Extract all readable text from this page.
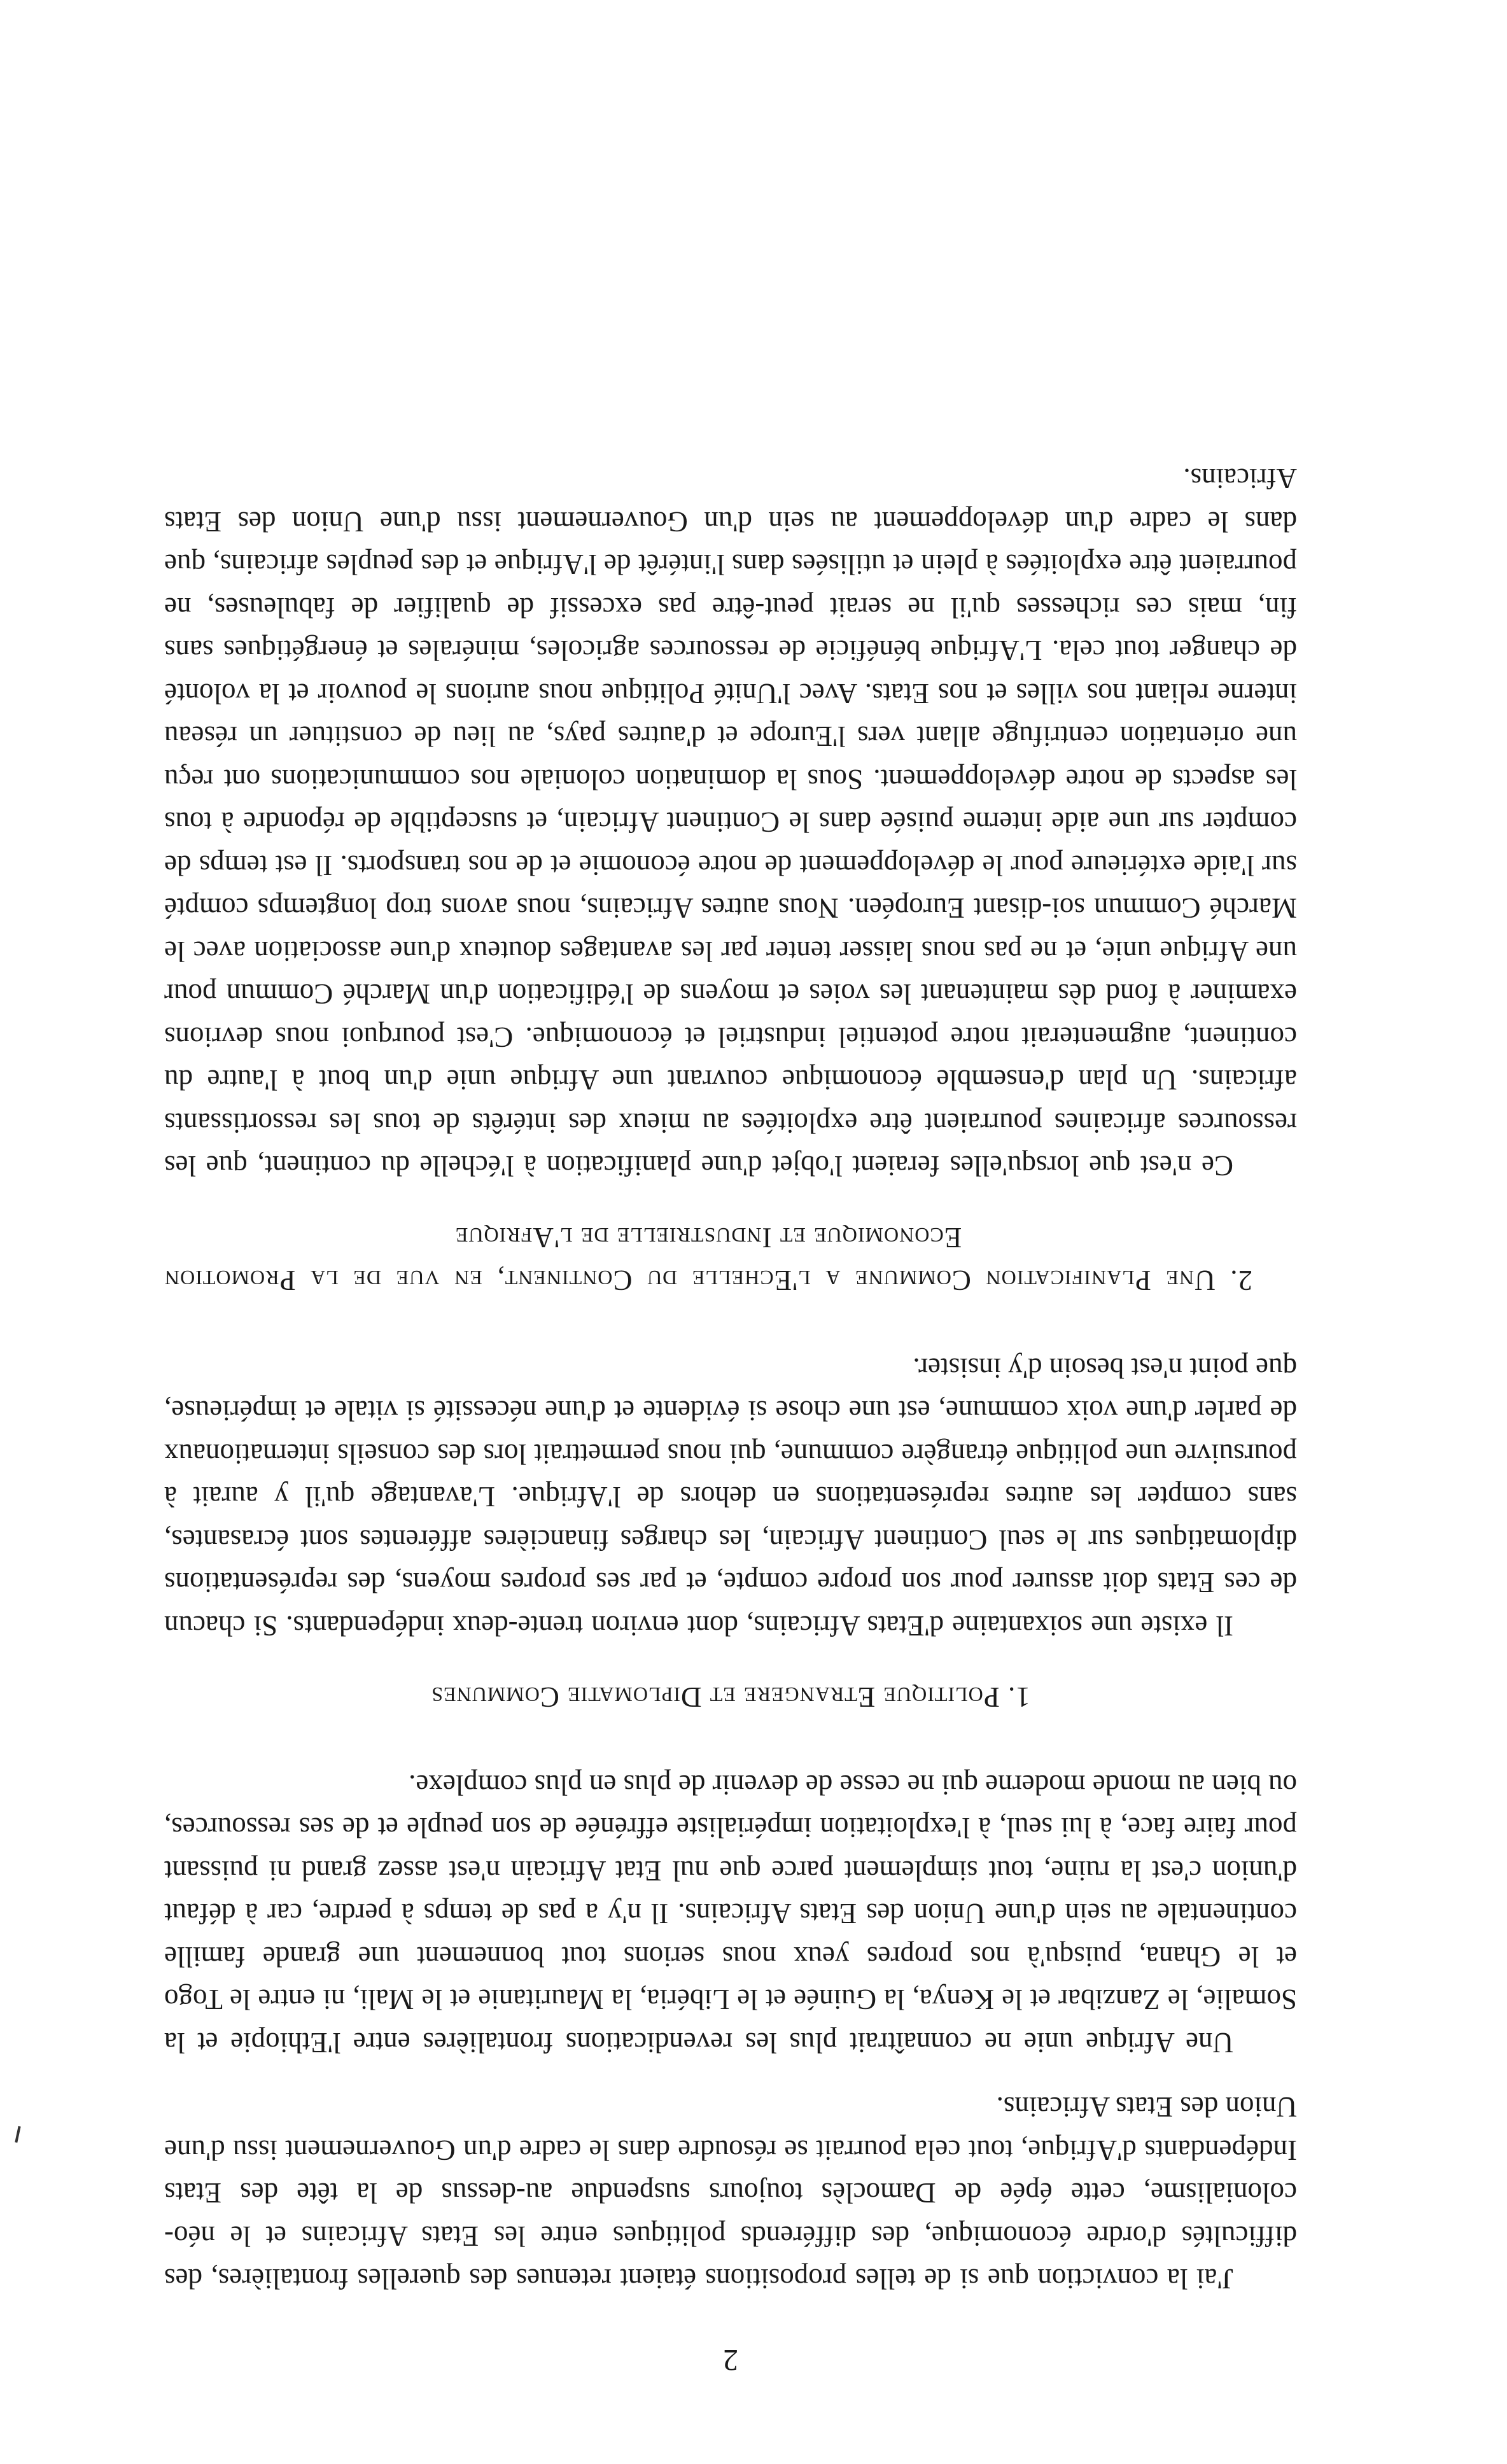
2

J'ai la conviction que si de telles propositions étaient retenues des querelles frontalières, des difficultés d'ordre économique, des différends politiques entre les Etats Africains et le néo-colonialisme, cette épée de Damoclès toujours suspendue au-dessus de la tête des Etats Indépendants d'Afrique, tout cela pourrait se résoudre dans le cadre d'un Gouvernement issu d'une Union des Etats Africains.

Une Afrique unie ne connaîtrait plus les revendications frontalières entre l'Ethiopie et la Somalie, le Zanzibar et le Kenya, la Guinée et le Libéria, la Mauritanie et le Mali, ni entre le Togo et le Ghana, puisqu'à nos propres yeux nous serions tout bonnement une grande famille continentale au sein d'une Union des Etats Africains. Il n'y a pas de temps à perdre, car à défaut d'union c'est la ruine, tout simplement parce que nul Etat Africain n'est assez grand ni puissant pour faire face, à lui seul, à l'exploitation impérialiste effrénée de son peuple et de ses ressources, ou bien au monde moderne qui ne cesse de devenir de plus en plus complexe.

1. Politique Etrangere et Diplomatie Communes

Il existe une soixantaine d'Etats Africains, dont environ trente-deux indépendants. Si chacun de ces Etats doit assurer pour son propre compte, et par ses propres moyens, des représentations diplomatiques sur le seul Continent Africain, les charges financières afférentes sont écrasantes, sans compter les autres représentations en dehors de l'Afrique. L'avantage qu'il y aurait à poursuivre une politique étrangère commune, qui nous permettrait lors des conseils internationaux de parler d'une voix commune, est une chose si évidente et d'une nécessité si vitale et impérieuse, que point n'est besoin d'y insister.

2. Une Planification Commune a l'Echelle du Continent, en vue de la Promotion Economique et Industrielle de l'Afrique

Ce n'est que lorsqu'elles feraient l'objet d'une planification à l'échelle du continent, que les ressources africaines pourraient être exploitées au mieux des intérêts de tous les ressortissants africains. Un plan d'ensemble économique couvrant une Afrique unie d'un bout à l'autre du continent, augmenterait notre potentiel industriel et économique. C'est pourquoi nous devrions examiner à fond dès maintenant les voies et moyens de l'édification d'un Marché Commun pour une Afrique unie, et ne pas nous laisser tenter par les avantages douteux d'une association avec le Marché Commun soi-disant Européen. Nous autres Africains, nous avons trop longtemps compté sur l'aide extérieure pour le développement de notre économie et de nos transports. Il est temps de compter sur une aide interne puisée dans le Continent Africain, et susceptible de répondre à tous les aspects de notre développement. Sous la domination coloniale nos communications ont reçu une orientation centrifuge allant vers l'Europe et d'autres pays, au lieu de constituer un réseau interne reliant nos villes et nos Etats. Avec l'Unité Politique nous aurions le pouvoir et la volonté de changer tout cela. L'Afrique bénéficie de ressources agricoles, minérales et énergétiques sans fin, mais ces richesses qu'il ne serait peut-être pas excessif de qualifier de fabuleuses, ne pourraient être exploitées à plein et utilisées dans l'intérêt de l'Afrique et des peuples africains, que dans le cadre d'un développement au sein d'un Gouvernement issu d'une Union des Etats Africains.
